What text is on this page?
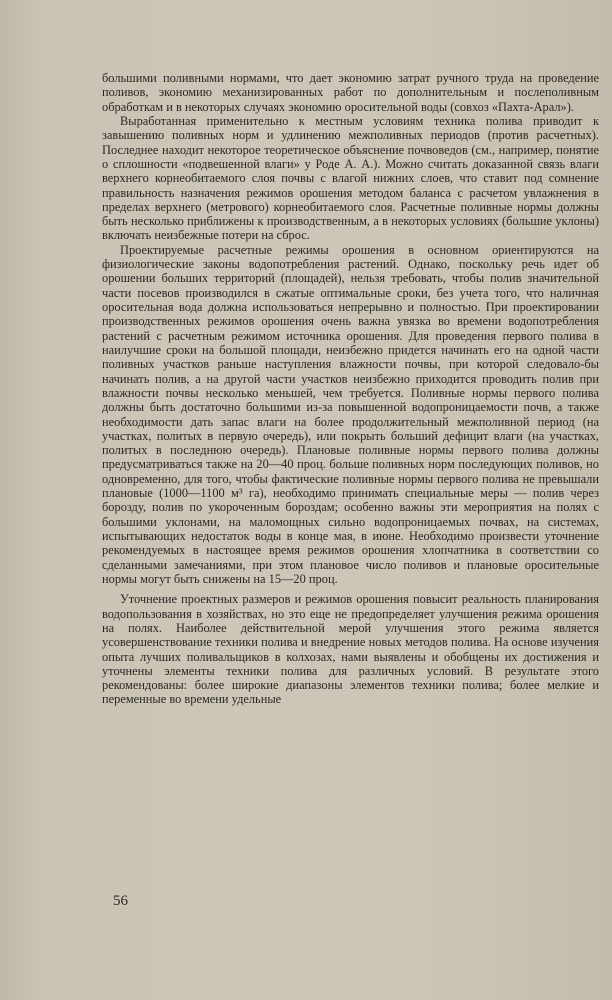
большими поливными нормами, что дает экономию затрат ручного труда на проведение поливов, экономию механизированных работ по дополнительным и послеполивным обработкам и в некоторых случаях экономию оросительной воды (совхоз «Пахта-Арал»).

Выработанная применительно к местным условиям техника полива приводит к завышению поливных норм и удлинению межполивных периодов (против расчетных). Последнее находит некоторое теоретическое объяснение почвоведов (см., например, понятие о сплошности «подвешенной влаги» у Роде А. А.). Можно считать доказанной связь влаги верхнего корнеобитаемого слоя почвы с влагой нижних слоев, что ставит под сомнение правильность назначения режимов орошения методом баланса с расчетом увлажнения в пределах верхнего (метрового) корнеобитаемого слоя. Расчетные поливные нормы должны быть несколько приближены к производственным, а в некоторых условиях (большие уклоны) включать неизбежные потери на сброс.

Проектируемые расчетные режимы орошения в основном ориентируются на физиологические законы водопотребления растений. Однако, поскольку речь идет об орошении больших территорий (площадей), нельзя требовать, чтобы полив значительной части посевов производился в сжатые оптимальные сроки, без учета того, что наличная оросительная вода должна использоваться непрерывно и полностью. При проектировании производственных режимов орошения очень важна увязка во времени водопотребления растений с расчетным режимом источника орошения. Для проведения первого полива в наилучшие сроки на большой площади, неизбежно придется начинать его на одной части поливных участков раньше наступления влажности почвы, при которой следовало-бы начинать полив, а на другой части участков неизбежно приходится проводить полив при влажности почвы несколько меньшей, чем требуется. Поливные нормы первого полива должны быть достаточно большими из-за повышенной водопроницаемости почв, а также необходимости дать запас влаги на более продолжительный межполивной период (на участках, политых в первую очередь), или покрыть больший дефицит влаги (на участках, политых в последнюю очередь). Плановые поливные нормы первого полива должны предусматриваться также на 20—40 проц. больше поливных норм последующих поливов, но одновременно, для того, чтобы фактические поливные нормы первого полива не превышали плановые (1000—1100 м³ га), необходимо принимать специальные меры — полив через борозду, полив по укороченным бороздам; особенно важны эти мероприятия на полях с большими уклонами, на маломощных сильно водопроницаемых почвах, на системах, испытывающих недостаток воды в конце мая, в июне. Необходимо произвести уточнение рекомендуемых в настоящее время режимов орошения хлопчатника в соответствии со сделанными замечаниями, при этом плановое число поливов и плановые оросительные нормы могут быть снижены на 15—20 проц.

Уточнение проектных размеров и режимов орошения повысит реальность планирования водопользования в хозяйствах, но это еще не предопределяет улучшения режима орошения на полях. Наиболее действительной мерой улучшения этого режима является усовершенствование техники полива и внедрение новых методов полива. На основе изучения опыта лучших поливальщиков в колхозах, нами выявлены и обобщены их достижения и уточнены элементы техники полива для различных условий. В результате этого рекомендованы: более широкие диапазоны элементов техники полива; более мелкие и переменные во времени удельные

56
